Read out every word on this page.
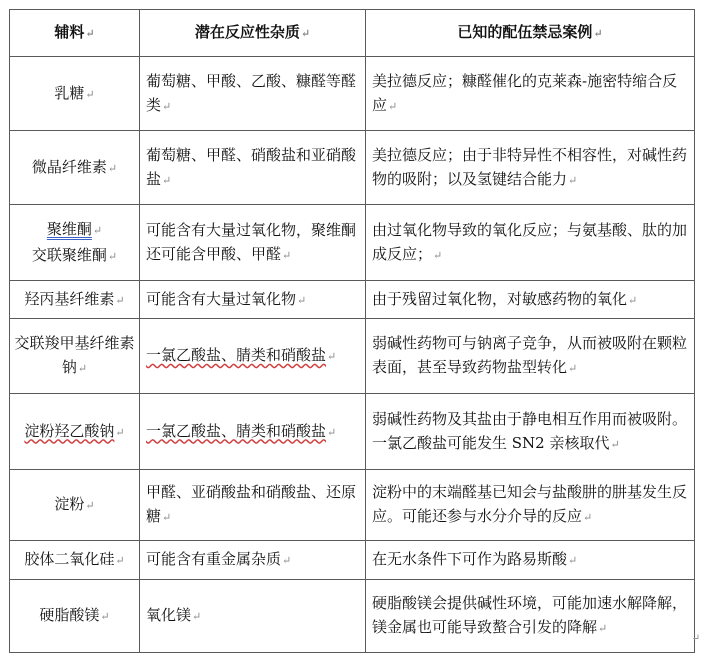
辅料↵	潜在反应性杂质↵	已知的配伍禁忌案例↵
乳糖↵	葡萄糖、甲酸、乙酸、糠醛等醛类↵	美拉德反应；糠醛催化的克莱森-施密特缩合反应↵
微晶纤维素↵	葡萄糖、甲醛、硝酸盐和亚硝酸盐↵	美拉德反应；由于非特异性不相容性，对碱性药物的吸附；以及氢键结合能力↵

聚维酮↵
交联聚维酮↵	可能含有大量过氧化物，聚维酮还可能含甲酸、甲醛↵	由过氧化物导致的氧化反应；与氨基酸、肽的加成反应；↵
羟丙基纤维素↵	可能含有大量过氧化物↵	由于残留过氧化物，对敏感药物的氧化↵
交联羧甲基纤维素钠↵	一氯乙酸盐、腈类和硝酸盐↵	弱碱性药物可与钠离子竞争，从而被吸附在颗粒表面，甚至导致药物盐型转化↵
淀粉羟乙酸钠↵	一氯乙酸盐、腈类和硝酸盐↵	弱碱性药物及其盐由于静电相互作用而被吸附。一氯乙酸盐可能发生 SN2 亲核取代↵
淀粉↵	甲醛、亚硝酸盐和硝酸盐、还原糖↵	淀粉中的末端醛基已知会与盐酸肼的肼基发生反应。可能还参与水分介导的反应↵
胶体二氧化硅↵	可能含有重金属杂质↵	在无水条件下可作为路易斯酸↵
硬脂酸镁↵	氧化镁↵	硬脂酸镁会提供碱性环境，可能加速水解降解，镁金属也可能导致螯合引发的降解↵
↵
